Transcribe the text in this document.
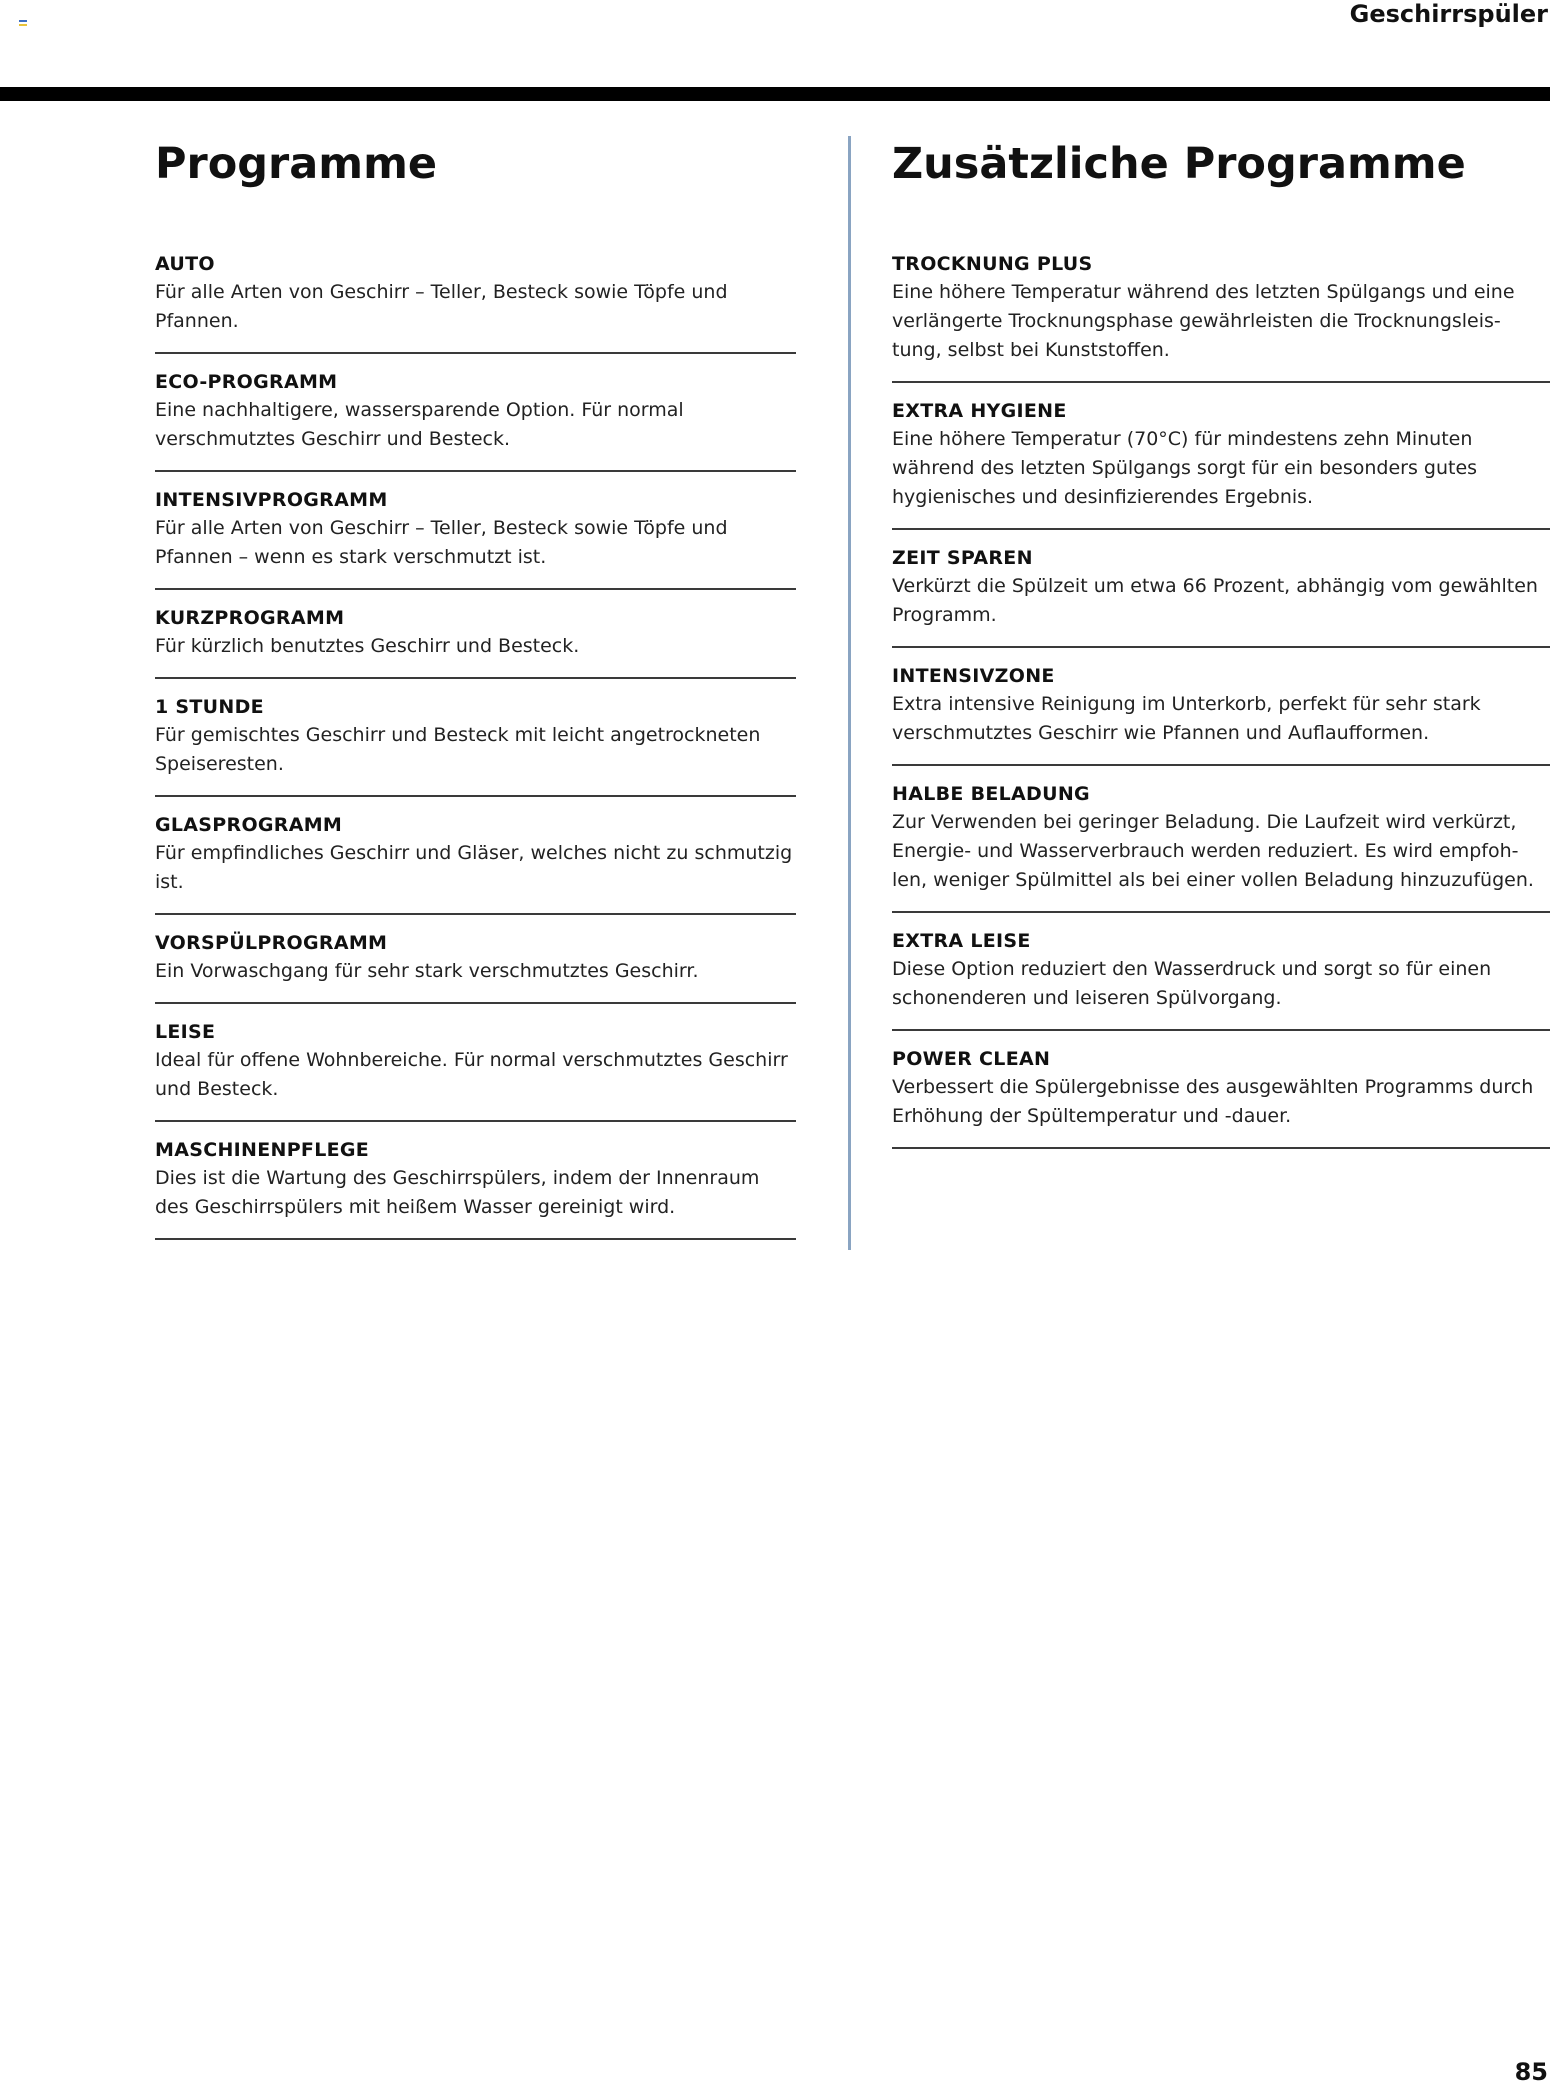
Geschirrspüler
Programme
AUTO
Für alle Arten von Geschirr – Teller, Besteck sowie Töpfe und Pfannen.
ECO-PROGRAMM
Eine nachhaltigere, wassersparende Option. Für normal verschmutztes Geschirr und Besteck.
INTENSIVPROGRAMM
Für alle Arten von Geschirr – Teller, Besteck sowie Töpfe und Pfannen – wenn es stark verschmutzt ist.
KURZPROGRAMM
Für kürzlich benutztes Geschirr und Besteck.
1 STUNDE
Für gemischtes Geschirr und Besteck mit leicht angetrockneten Speiseresten.
GLASPROGRAMM
Für empfindliches Geschirr und Gläser, welches nicht zu schmutzig ist.
VORSPÜLPROGRAMM
Ein Vorwaschgang für sehr stark verschmutztes Geschirr.
LEISE
Ideal für offene Wohnbereiche. Für normal verschmutztes Geschirr und Besteck.
MASCHINENPFLEGE
Dies ist die Wartung des Geschirrspülers, indem der Innenraum des Geschirrspülers mit heißem Wasser gereinigt wird.
Zusätzliche Programme
TROCKNUNG PLUS
Eine höhere Temperatur während des letzten Spülgangs und eine verlängerte Trocknungsphase gewährleisten die Trocknungsleis-tung, selbst bei Kunststoffen.
EXTRA HYGIENE
Eine höhere Temperatur (70°C) für mindestens zehn Minuten während des letzten Spülgangs sorgt für ein besonders gutes hygienisches und desinfizierendes Ergebnis.
ZEIT SPAREN
Verkürzt die Spülzeit um etwa 66 Prozent, abhängig vom gewählten Programm.
INTENSIVZONE
Extra intensive Reinigung im Unterkorb, perfekt für sehr stark verschmutztes Geschirr wie Pfannen und Auflaufformen.
HALBE BELADUNG
Zur Verwenden bei geringer Beladung. Die Laufzeit wird verkürzt, Energie- und Wasserverbrauch werden reduziert. Es wird empfoh-len, weniger Spülmittel als bei einer vollen Beladung hinzuzufügen.
EXTRA LEISE
Diese Option reduziert den Wasserdruck und sorgt so für einen schonenderen und leiseren Spülvorgang.
POWER CLEAN
Verbessert die Spülergebnisse des ausgewählten Programms durch Erhöhung der Spültemperatur und -dauer.
85
